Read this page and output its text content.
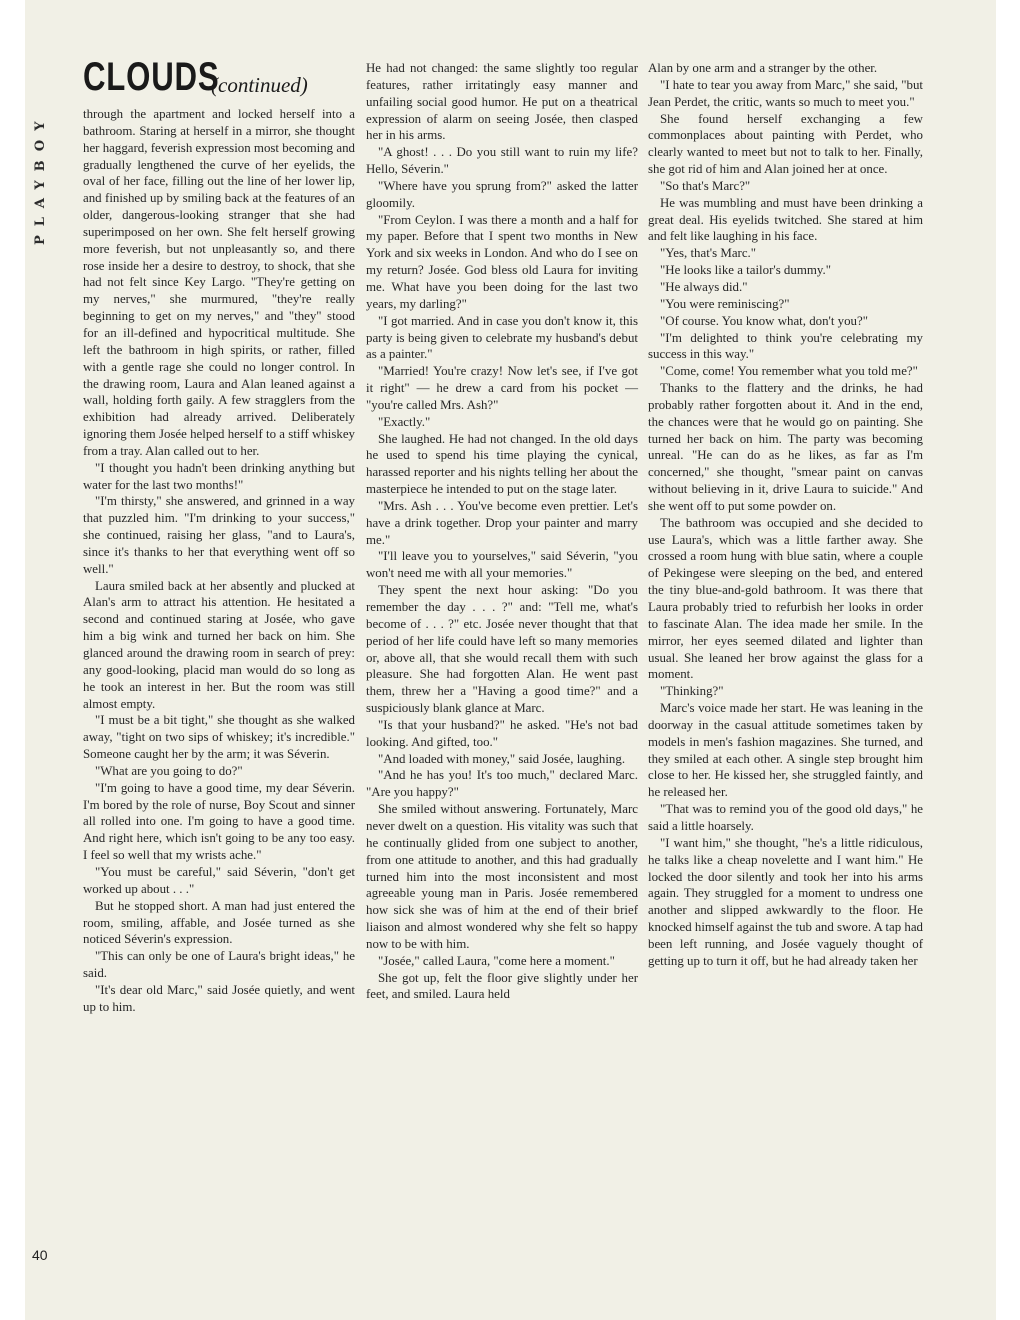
PLAYBOY
CLOUDS
(continued)

through the apartment and locked herself into a bathroom. Staring at herself in a mirror, she thought her haggard, feverish expression most becoming and gradually lengthened the curve of her eyelids, the oval of her face, filling out the line of her lower lip, and finished up by smiling back at the features of an older, dangerous-looking stranger that she had superimposed on her own. She felt herself growing more feverish, but not unpleasantly so, and there rose inside her a desire to destroy, to shock, that she had not felt since Key Largo. "They're getting on my nerves," she murmured, "they're really beginning to get on my nerves," and "they" stood for an ill-defined and hypocritical multitude. She left the bathroom in high spirits, or rather, filled with a gentle rage she could no longer control. In the drawing room, Laura and Alan leaned against a wall, holding forth gaily. A few stragglers from the exhibition had already arrived. Deliberately ignoring them Josée helped herself to a stiff whiskey from a tray. Alan called out to her.

"I thought you hadn't been drinking anything but water for the last two months!"

"I'm thirsty," she answered, and grinned in a way that puzzled him. "I'm drinking to your success," she continued, raising her glass, "and to Laura's, since it's thanks to her that everything went off so well."

Laura smiled back at her absently and plucked at Alan's arm to attract his attention. He hesitated a second and continued staring at Josée, who gave him a big wink and turned her back on him. She glanced around the drawing room in search of prey: any good-looking, placid man would do so long as he took an interest in her. But the room was still almost empty.

"I must be a bit tight," she thought as she walked away, "tight on two sips of whiskey; it's incredible." Someone caught her by the arm; it was Séverin.

"What are you going to do?"

"I'm going to have a good time, my dear Séverin. I'm bored by the role of nurse, Boy Scout and sinner all rolled into one. I'm going to have a good time. And right here, which isn't going to be any too easy. I feel so well that my wrists ache."

"You must be careful," said Séverin, "don't get worked up about . . ."

But he stopped short. A man had just entered the room, smiling, affable, and Josée turned as she noticed Séverin's expression.

"This can only be one of Laura's bright ideas," he said.

"It's dear old Marc," said Josée quietly, and went up to him.

He had not changed: the same slightly too regular features, rather irritatingly easy manner and unfailing social good humor. He put on a theatrical expression of alarm on seeing Josée, then clasped her in his arms.

"A ghost! . . . Do you still want to ruin my life? Hello, Séverin."

"Where have you sprung from?" asked the latter gloomily.

"From Ceylon. I was there a month and a half for my paper. Before that I spent two months in New York and six weeks in London. And who do I see on my return? Josée. God bless old Laura for inviting me. What have you been doing for the last two years, my darling?"

"I got married. And in case you don't know it, this party is being given to celebrate my husband's debut as a painter."

"Married! You're crazy! Now let's see, if I've got it right" — he drew a card from his pocket — "you're called Mrs. Ash?"

"Exactly."

She laughed. He had not changed. In the old days he used to spend his time playing the cynical, harassed reporter and his nights telling her about the masterpiece he intended to put on the stage later.

"Mrs. Ash . . . You've become even prettier. Let's have a drink together. Drop your painter and marry me."

"I'll leave you to yourselves," said Séverin, "you won't need me with all your memories."

They spent the next hour asking: "Do you remember the day . . . ?" and: "Tell me, what's become of . . . ?" etc. Josée never thought that that period of her life could have left so many memories or, above all, that she would recall them with such pleasure. She had forgotten Alan. He went past them, threw her a "Having a good time?" and a suspiciously blank glance at Marc.

"Is that your husband?" he asked. "He's not bad looking. And gifted, too."

"And loaded with money," said Josée, laughing.

"And he has you! It's too much," declared Marc. "Are you happy?"

She smiled without answering. Fortunately, Marc never dwelt on a question. His vitality was such that he continually glided from one subject to another, from one attitude to another, and this had gradually turned him into the most inconsistent and most agreeable young man in Paris. Josée remembered how sick she was of him at the end of their brief liaison and almost wondered why she felt so happy now to be with him.

"Josée," called Laura, "come here a moment."

She got up, felt the floor give slightly under her feet, and smiled. Laura held

Alan by one arm and a stranger by the other.

"I hate to tear you away from Marc," she said, "but Jean Perdet, the critic, wants so much to meet you."

She found herself exchanging a few commonplaces about painting with Perdet, who clearly wanted to meet but not to talk to her. Finally, she got rid of him and Alan joined her at once.

"So that's Marc?"

He was mumbling and must have been drinking a great deal. His eyelids twitched. She stared at him and felt like laughing in his face.

"Yes, that's Marc."

"He looks like a tailor's dummy."

"He always did."

"You were reminiscing?"

"Of course. You know what, don't you?"

"I'm delighted to think you're celebrating my success in this way."

"Come, come! You remember what you told me?"

Thanks to the flattery and the drinks, he had probably rather forgotten about it. And in the end, the chances were that he would go on painting. She turned her back on him. The party was becoming unreal. "He can do as he likes, as far as I'm concerned," she thought, "smear paint on canvas without believing in it, drive Laura to suicide." And she went off to put some powder on.

The bathroom was occupied and she decided to use Laura's, which was a little farther away. She crossed a room hung with blue satin, where a couple of Pekingese were sleeping on the bed, and entered the tiny blue-and-gold bathroom. It was there that Laura probably tried to refurbish her looks in order to fascinate Alan. The idea made her smile. In the mirror, her eyes seemed dilated and lighter than usual. She leaned her brow against the glass for a moment.

"Thinking?"

Marc's voice made her start. He was leaning in the doorway in the casual attitude sometimes taken by models in men's fashion magazines. She turned, and they smiled at each other. A single step brought him close to her. He kissed her, she struggled faintly, and he released her.

"That was to remind you of the good old days," he said a little hoarsely.

"I want him," she thought, "he's a little ridiculous, he talks like a cheap novelette and I want him." He locked the door silently and took her into his arms again. They struggled for a moment to undress one another and slipped awkwardly to the floor. He knocked himself against the tub and swore. A tap had been left running, and Josée vaguely thought of getting up to turn it off, but he had already taken her

40
